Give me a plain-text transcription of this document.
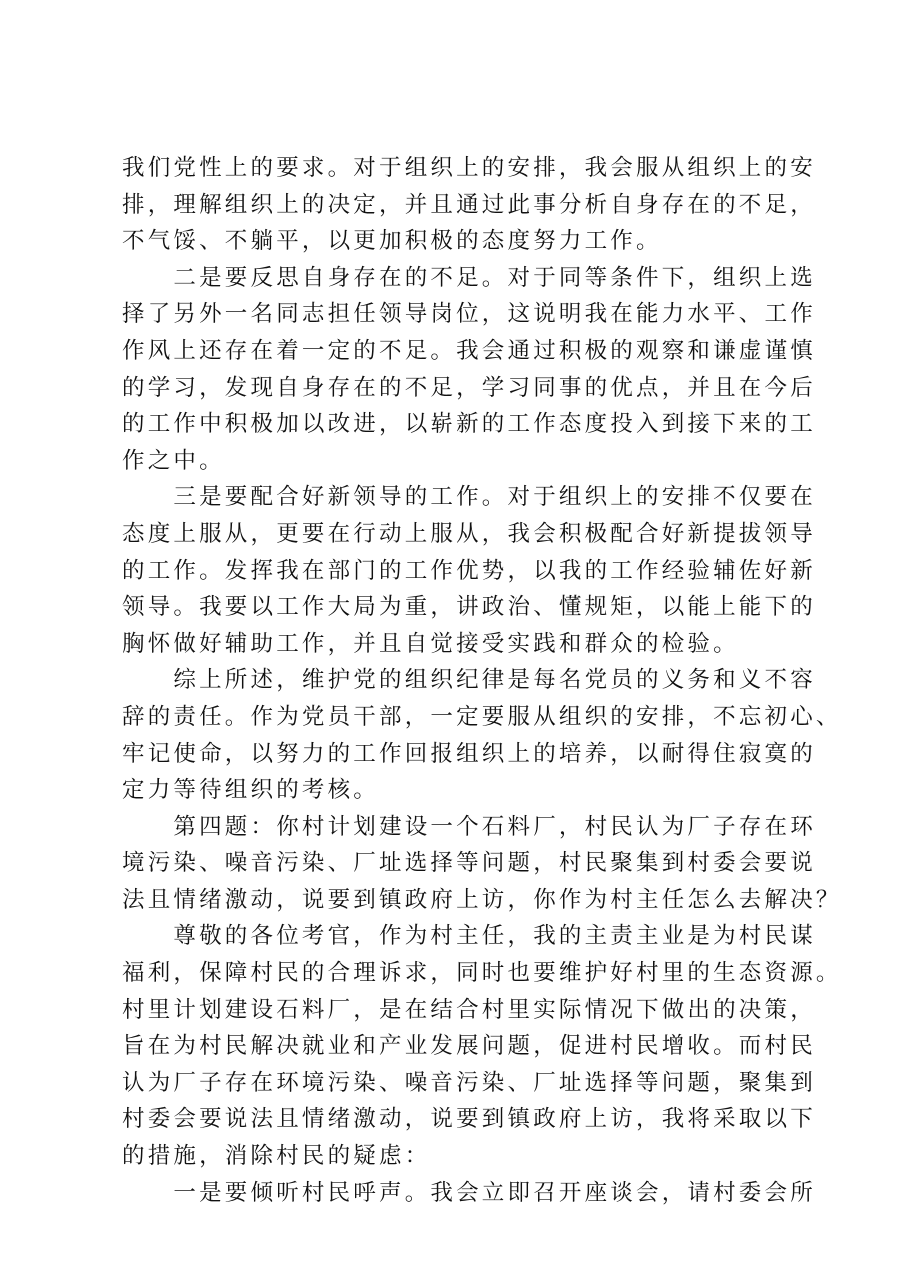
我们党性上的要求。对于组织上的安排，我会服从组织上的安
排，理解组织上的决定，并且通过此事分析自身存在的不足，
不气馁、不躺平，以更加积极的态度努力工作。
　　二是要反思自身存在的不足。对于同等条件下，组织上选
择了另外一名同志担任领导岗位，这说明我在能力水平、工作
作风上还存在着一定的不足。我会通过积极的观察和谦虚谨慎
的学习，发现自身存在的不足，学习同事的优点，并且在今后
的工作中积极加以改进，以崭新的工作态度投入到接下来的工
作之中。
　　三是要配合好新领导的工作。对于组织上的安排不仅要在
态度上服从，更要在行动上服从，我会积极配合好新提拔领导
的工作。发挥我在部门的工作优势，以我的工作经验辅佐好新
领导。我要以工作大局为重，讲政治、懂规矩，以能上能下的
胸怀做好辅助工作，并且自觉接受实践和群众的检验。
　　综上所述，维护党的组织纪律是每名党员的义务和义不容
辞的责任。作为党员干部，一定要服从组织的安排，不忘初心、
牢记使命，以努力的工作回报组织上的培养，以耐得住寂寞的
定力等待组织的考核。
　　第四题：你村计划建设一个石料厂，村民认为厂子存在环
境污染、噪音污染、厂址选择等问题，村民聚集到村委会要说
法且情绪激动，说要到镇政府上访，你作为村主任怎么去解决？
　　尊敬的各位考官，作为村主任，我的主责主业是为村民谋
福利，保障村民的合理诉求，同时也要维护好村里的生态资源。
村里计划建设石料厂，是在结合村里实际情况下做出的决策，
旨在为村民解决就业和产业发展问题，促进村民增收。而村民
认为厂子存在环境污染、噪音污染、厂址选择等问题，聚集到
村委会要说法且情绪激动，说要到镇政府上访，我将采取以下
的措施，消除村民的疑虑：
　　一是要倾听村民呼声。我会立即召开座谈会，请村委会所
